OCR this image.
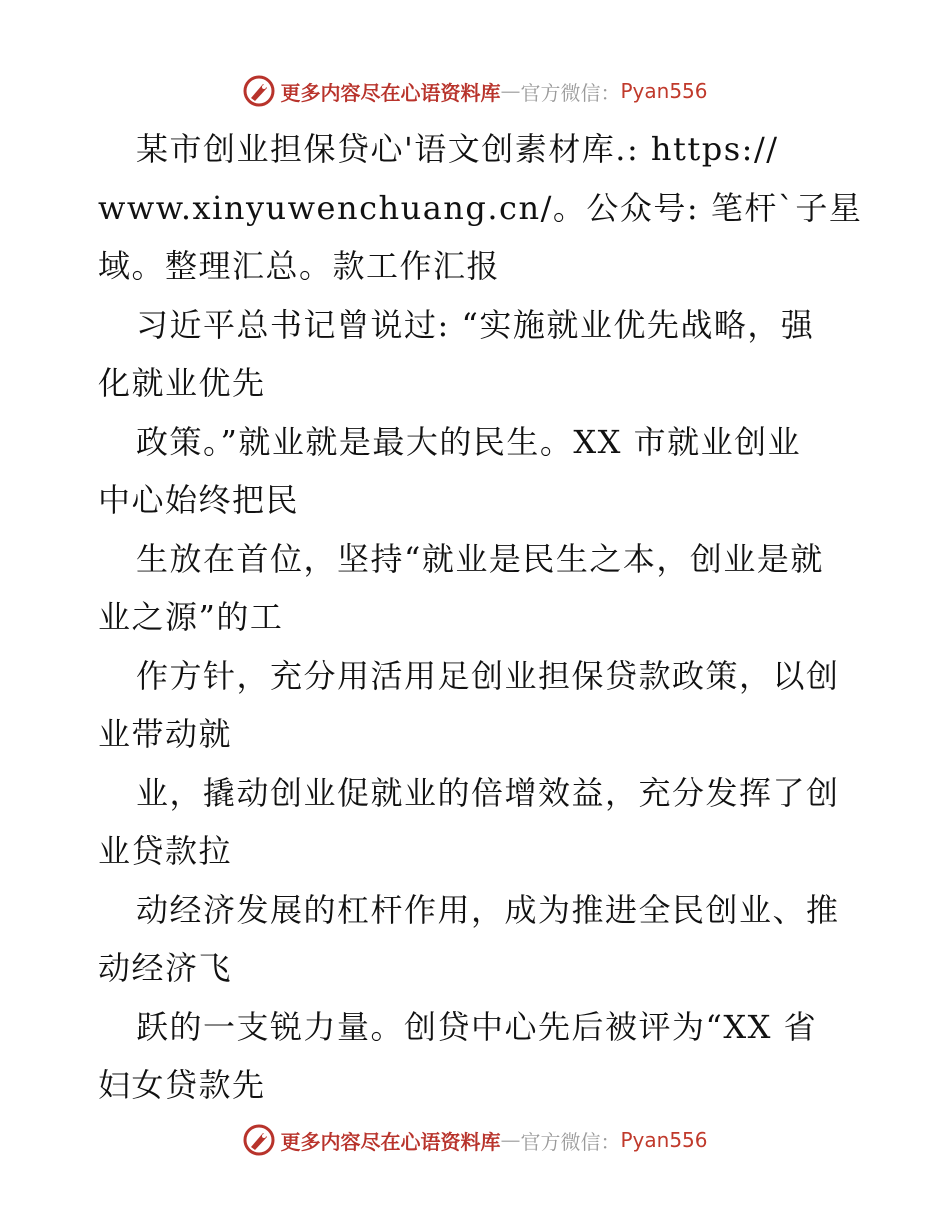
更多内容尽在心语资料库 — 官方微信： Pyan556
某市创业担保贷心'语文创素材库.: https://
www.xinyuwenchuang.cn/。公众号: 笔杆`子星
域。整理汇总。款工作汇报
习近平总书记曾说过: “实施就业优先战略，强
化就业优先
政策。”就业就是最大的民生。XX 市就业创业
中心始终把民
生放在首位，坚持“就业是民生之本，创业是就
业之源”的工
作方针，充分用活用足创业担保贷款政策，以创
业带动就
业，撬动创业促就业的倍增效益，充分发挥了创
业贷款拉
动经济发展的杠杆作用，成为推进全民创业、推
动经济飞
跃的一支锐力量。创贷中心先后被评为“XX 省
妇女贷款先
更多内容尽在心语资料库 — 官方微信： Pyan556
